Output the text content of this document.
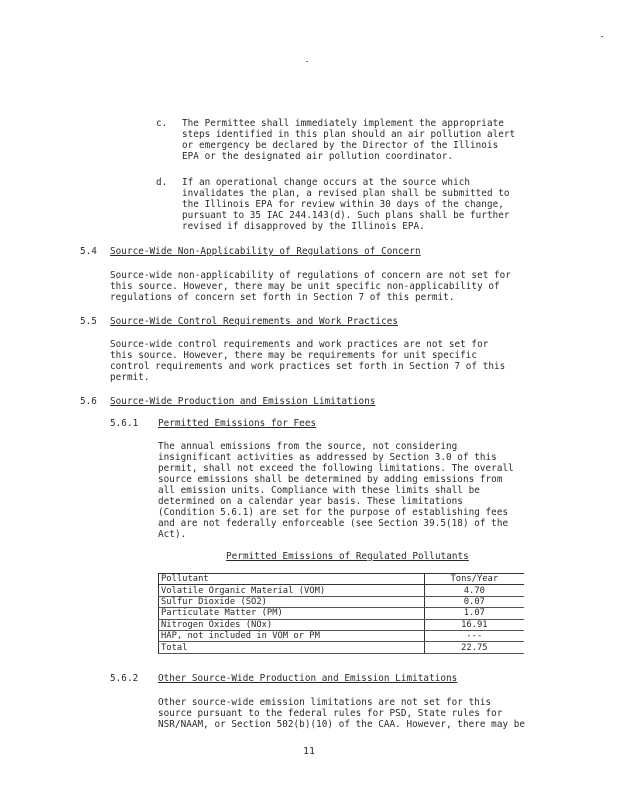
c. The Permittee shall immediately implement the appropriate
steps identified in this plan should an air pollution alert
or emergency be declared by the Director of the Illinois
EPA or the designated air pollution coordinator.
d. If an operational change occurs at the source which
invalidates the plan, a revised plan shall be submitted to
the Illinois EPA for review within 30 days of the change,
pursuant to 35 IAC 244.143(d). Such plans shall be further
revised if disapproved by the Illinois EPA.
5.4 Source-Wide Non-Applicability of Regulations of Concern
Source-wide non-applicability of regulations of concern are not set for
this source. However, there may be unit specific non-applicability of
regulations of concern set forth in Section 7 of this permit.
5.5 Source-Wide Control Requirements and Work Practices
Source-wide control requirements and work practices are not set for
this source. However, there may be requirements for unit specific
control requirements and work practices set forth in Section 7 of this
permit.
5.6 Source-Wide Production and Emission Limitations
5.6.1 Permitted Emissions for Fees
The annual emissions from the source, not considering
insignificant activities as addressed by Section 3.0 of this
permit, shall not exceed the following limitations. The overall
source emissions shall be determined by adding emissions from
all emission units. Compliance with these limits shall be
determined on a calendar year basis. These limitations
(Condition 5.6.1) are set for the purpose of establishing fees
and are not federally enforceable (see Section 39.5(18) of the
Act).
Permitted Emissions of Regulated Pollutants
Pollutant	Tons/Year
Volatile Organic Material (VOM)	4.70
Sulfur Dioxide (SO2)	0.07
Particulate Matter (PM)	1.07
Nitrogen Oxides (NOx)	16.91
HAP, not included in VOM or PM	---
Total	22.75
5.6.2 Other Source-Wide Production and Emission Limitations
Other source-wide emission limitations are not set for this
source pursuant to the federal rules for PSD, State rules for
NSR/NAAM, or Section 502(b)(10) of the CAA. However, there may be
11
